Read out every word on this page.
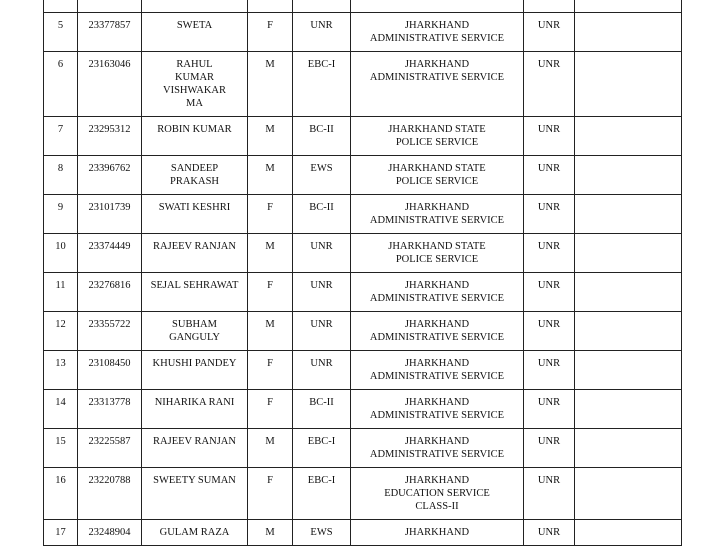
5	23377857	SWETA	F	UNR	JHARKHAND
ADMINISTRATIVE SERVICE	UNR	
6	23163046	RAHUL
KUMAR
VISHWAKAR
MA	M	EBC-I	JHARKHAND
ADMINISTRATIVE SERVICE	UNR	
7	23295312	ROBIN KUMAR	M	BC-II	JHARKHAND STATE
POLICE SERVICE	UNR	
8	23396762	SANDEEP
PRAKASH	M	EWS	JHARKHAND STATE
POLICE SERVICE	UNR	
9	23101739	SWATI KESHRI	F	BC-II	JHARKHAND
ADMINISTRATIVE SERVICE	UNR	
10	23374449	RAJEEV RANJAN	M	UNR	JHARKHAND STATE
POLICE SERVICE	UNR	
11	23276816	SEJAL SEHRAWAT	F	UNR	JHARKHAND
ADMINISTRATIVE SERVICE	UNR	
12	23355722	SUBHAM
GANGULY	M	UNR	JHARKHAND
ADMINISTRATIVE SERVICE	UNR	
13	23108450	KHUSHI PANDEY	F	UNR	JHARKHAND
ADMINISTRATIVE SERVICE	UNR	
14	23313778	NIHARIKA RANI	F	BC-II	JHARKHAND
ADMINISTRATIVE SERVICE	UNR	
15	23225587	RAJEEV RANJAN	M	EBC-I	JHARKHAND
ADMINISTRATIVE SERVICE	UNR	
16	23220788	SWEETY SUMAN	F	EBC-I	JHARKHAND
EDUCATION SERVICE
CLASS-II	UNR	
17	23248904	GULAM RAZA	M	EWS	JHARKHAND	UNR	
